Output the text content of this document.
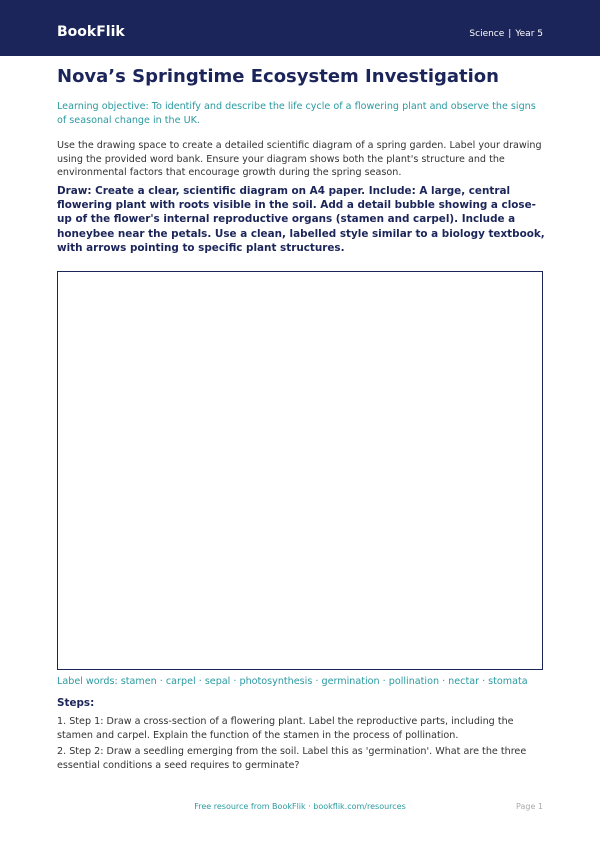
BookFlik	Science | Year 5
Nova’s Springtime Ecosystem Investigation
Learning objective: To identify and describe the life cycle of a flowering plant and observe the signs of seasonal change in the UK.
Use the drawing space to create a detailed scientific diagram of a spring garden. Label your drawing using the provided word bank. Ensure your diagram shows both the plant's structure and the environmental factors that encourage growth during the spring season.
Draw: Create a clear, scientific diagram on A4 paper. Include: A large, central flowering plant with roots visible in the soil. Add a detail bubble showing a close-up of the flower's internal reproductive organs (stamen and carpel). Include a honeybee near the petals. Use a clean, labelled style similar to a biology textbook, with arrows pointing to specific plant structures.
Label words: stamen · carpel · sepal · photosynthesis · germination · pollination · nectar · stomata
Steps:
1. Step 1: Draw a cross-section of a flowering plant. Label the reproductive parts, including the stamen and carpel. Explain the function of the stamen in the process of pollination.
2. Step 2: Draw a seedling emerging from the soil. Label this as 'germination'. What are the three essential conditions a seed requires to germinate?
Free resource from BookFlik · bookflik.com/resources	Page 1
